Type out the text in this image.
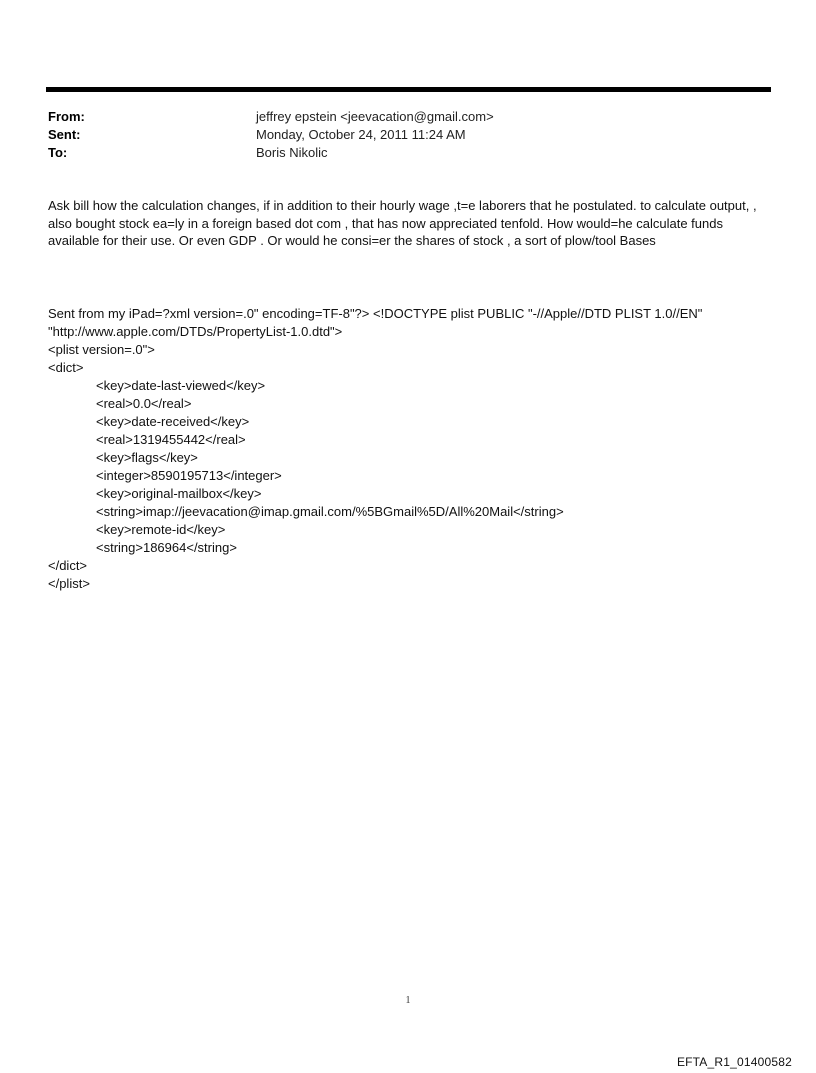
From:	jeffrey epstein <jeevacation@gmail.com>
Sent:	Monday, October 24, 2011 11:24 AM
To:	Boris Nikolic
Ask bill how the calculation changes, if in addition to their hourly wage ,t=e laborers that he postulated. to calculate output, , also bought stock ea=ly in a foreign based dot com , that has now appreciated tenfold. How would=he calculate funds available for their use. Or even GDP . Or would he consi=er the shares of stock , a sort of plow/tool Bases
Sent from my iPad=?xml version=.0" encoding=TF-8"?> <!DOCTYPE plist PUBLIC "-//Apple//DTD PLIST 1.0//EN"
"http://www.apple.com/DTDs/PropertyList-1.0.dtd">
<plist version=.0">
<dict>
<key>date-last-viewed</key>
<real>0.0</real>
<key>date-received</key>
<real>1319455442</real>
<key>flags</key>
<integer>8590195713</integer>
<key>original-mailbox</key>
<string>imap://jeevacation@imap.gmail.com/%5BGmail%5D/All%20Mail</string>
<key>remote-id</key>
<string>186964</string>
</dict>
</plist>
1
EFTA_R1_01400582
